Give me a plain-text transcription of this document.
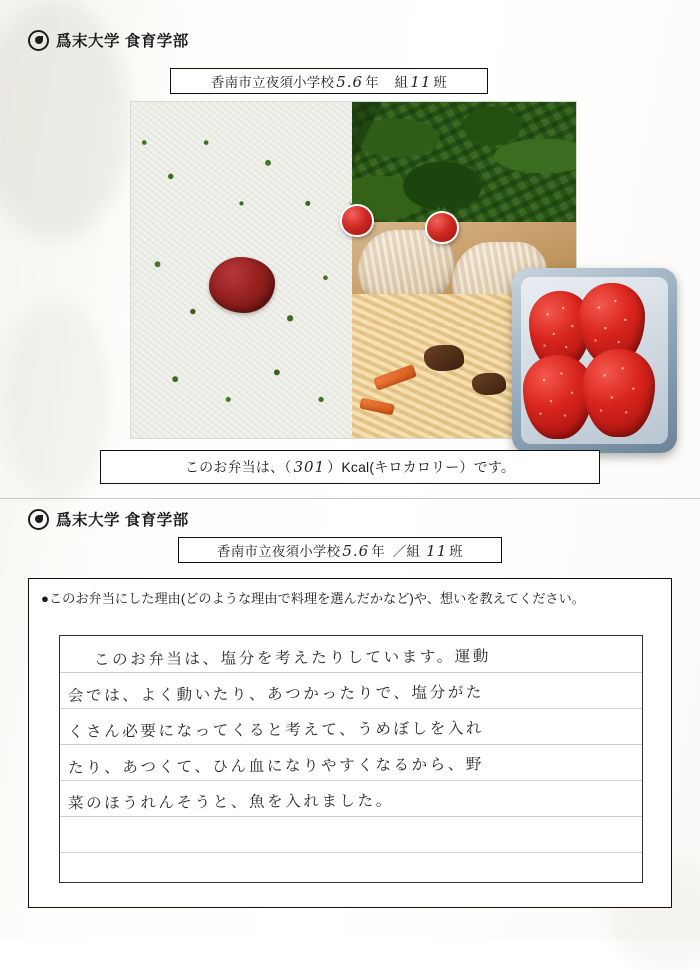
爲末大学 食育学部
香南市立夜須小学校 5.6 年 組 11 班
このお弁当は、（ 301 ）Kcal(キロカロリー）です。
爲末大学 食育学部
香南市立夜須小学校 5.6 年 ／組 11 班
●このお弁当にした理由(どのような理由で料理を選んだかなど)や、想いを教えてください。
このお弁当は、塩分を考えたりしています。運動
会では、よく動いたり、あつかったりで、塩分がた
くさん必要になってくると考えて、うめぼしを入れ
たり、あつくて、ひん血になりやすくなるから、野
菜のほうれんそうと、魚を入れました。
